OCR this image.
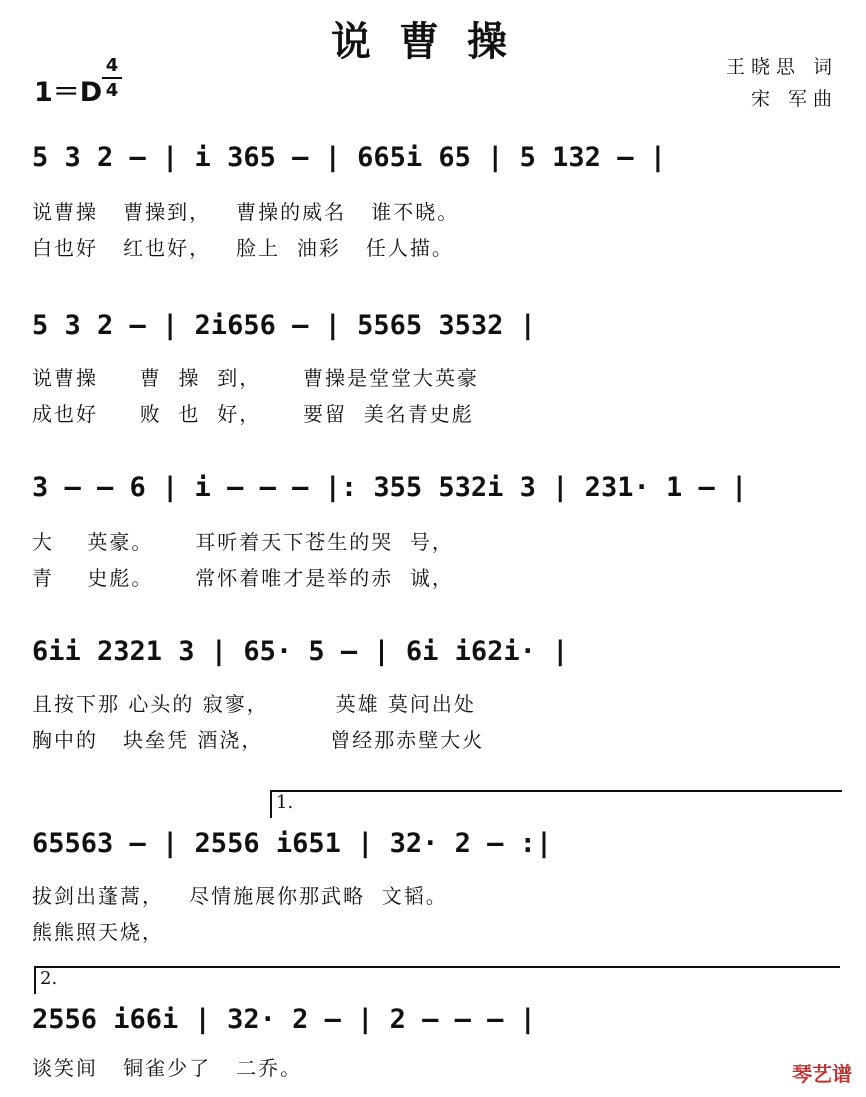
说曹操
1＝D
4
4
王晓思 词
宋 军曲
5 3 2 – | i 365 – | 665i 65 | 5 132 – |
说曹操   曹操到，   曹操的威名   谁不晓。
白也好   红也好，   脸上  油彩   任人描。
5 3 2 – | 2i656 – | 5565 3532 |
说曹操     曹  操  到，     曹操是堂堂大英豪
成也好     败  也  好，     要留  美名青史彪
3 – – 6 | i – – – |: 355 532i 3 | 231· 1 – |
大    英豪。     耳听着天下苍生的哭  号，
青    史彪。     常怀着唯才是举的赤  诚，
6ii 2321 3 | 65· 5 – | 6i i62i· |
且按下那 心头的 寂寥，        英雄 莫问出处
胸中的   块垒凭 酒浇，        曾经那赤壁大火
1.
65563 – | 2556 i651 | 32· 2 – :|
拔剑出蓬蒿，   尽情施展你那武略  文韬。
熊熊照天烧，
2.
2556 i66i | 32· 2 – | 2 – – – |
谈笑间   铜雀少了   二乔。	琴艺谱
